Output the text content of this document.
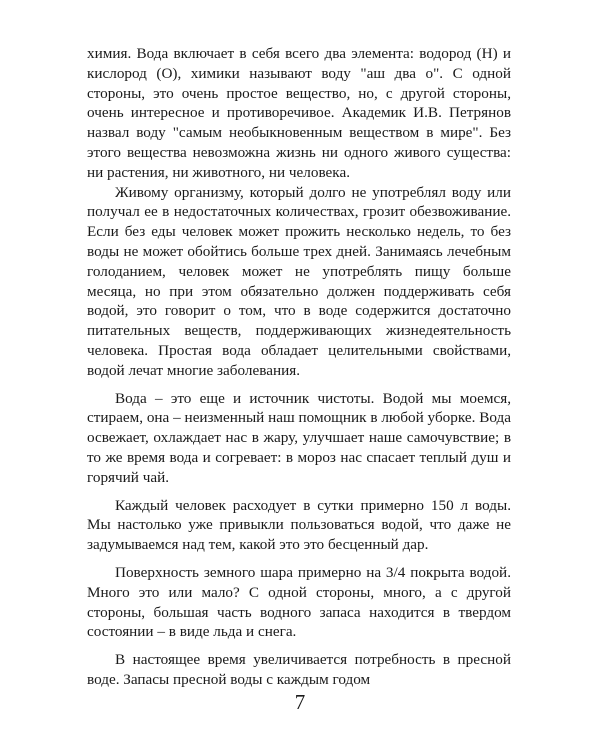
химия. Вода включает в себя всего два элемента: водород (Н) и кислород (О), химики называют воду "аш два о". С одной стороны, это очень простое вещество, но, с другой стороны, очень интересное и противоречивое. Академик И.В. Петрянов назвал воду "самым необыкновенным веществом в мире". Без этого вещества невозможна жизнь ни одного живого существа: ни растения, ни животного, ни человека.

Живому организму, который долго не употреблял воду или получал ее в недостаточных количествах, грозит обезвоживание. Если без еды человек может прожить несколько недель, то без воды не может обойтись больше трех дней. Занимаясь лечебным голоданием, человек может не употреблять пищу больше месяца, но при этом обязательно должен поддерживать себя водой, это говорит о том, что в воде содержится достаточно питательных веществ, поддерживающих жизнедеятельность человека. Простая вода обладает целительными свойствами, водой лечат многие заболевания.

Вода – это еще и источник чистоты. Водой мы моемся, стираем, она – неизменный наш помощник в любой уборке. Вода освежает, охлаждает нас в жару, улучшает наше самочувствие; в то же время вода и согревает: в мороз нас спасает теплый душ и горячий чай.

Каждый человек расходует в сутки примерно 150 л воды. Мы настолько уже привыкли пользоваться водой, что даже не задумываемся над тем, какой это это бесценный дар.

Поверхность земного шара примерно на 3/4 покрыта водой. Много это или мало? С одной стороны, много, а с другой стороны, большая часть водного запаса находится в твердом состоянии – в виде льда и снега.

В настоящее время увеличивается потребность в пресной воде. Запасы пресной воды с каждым годом

7
